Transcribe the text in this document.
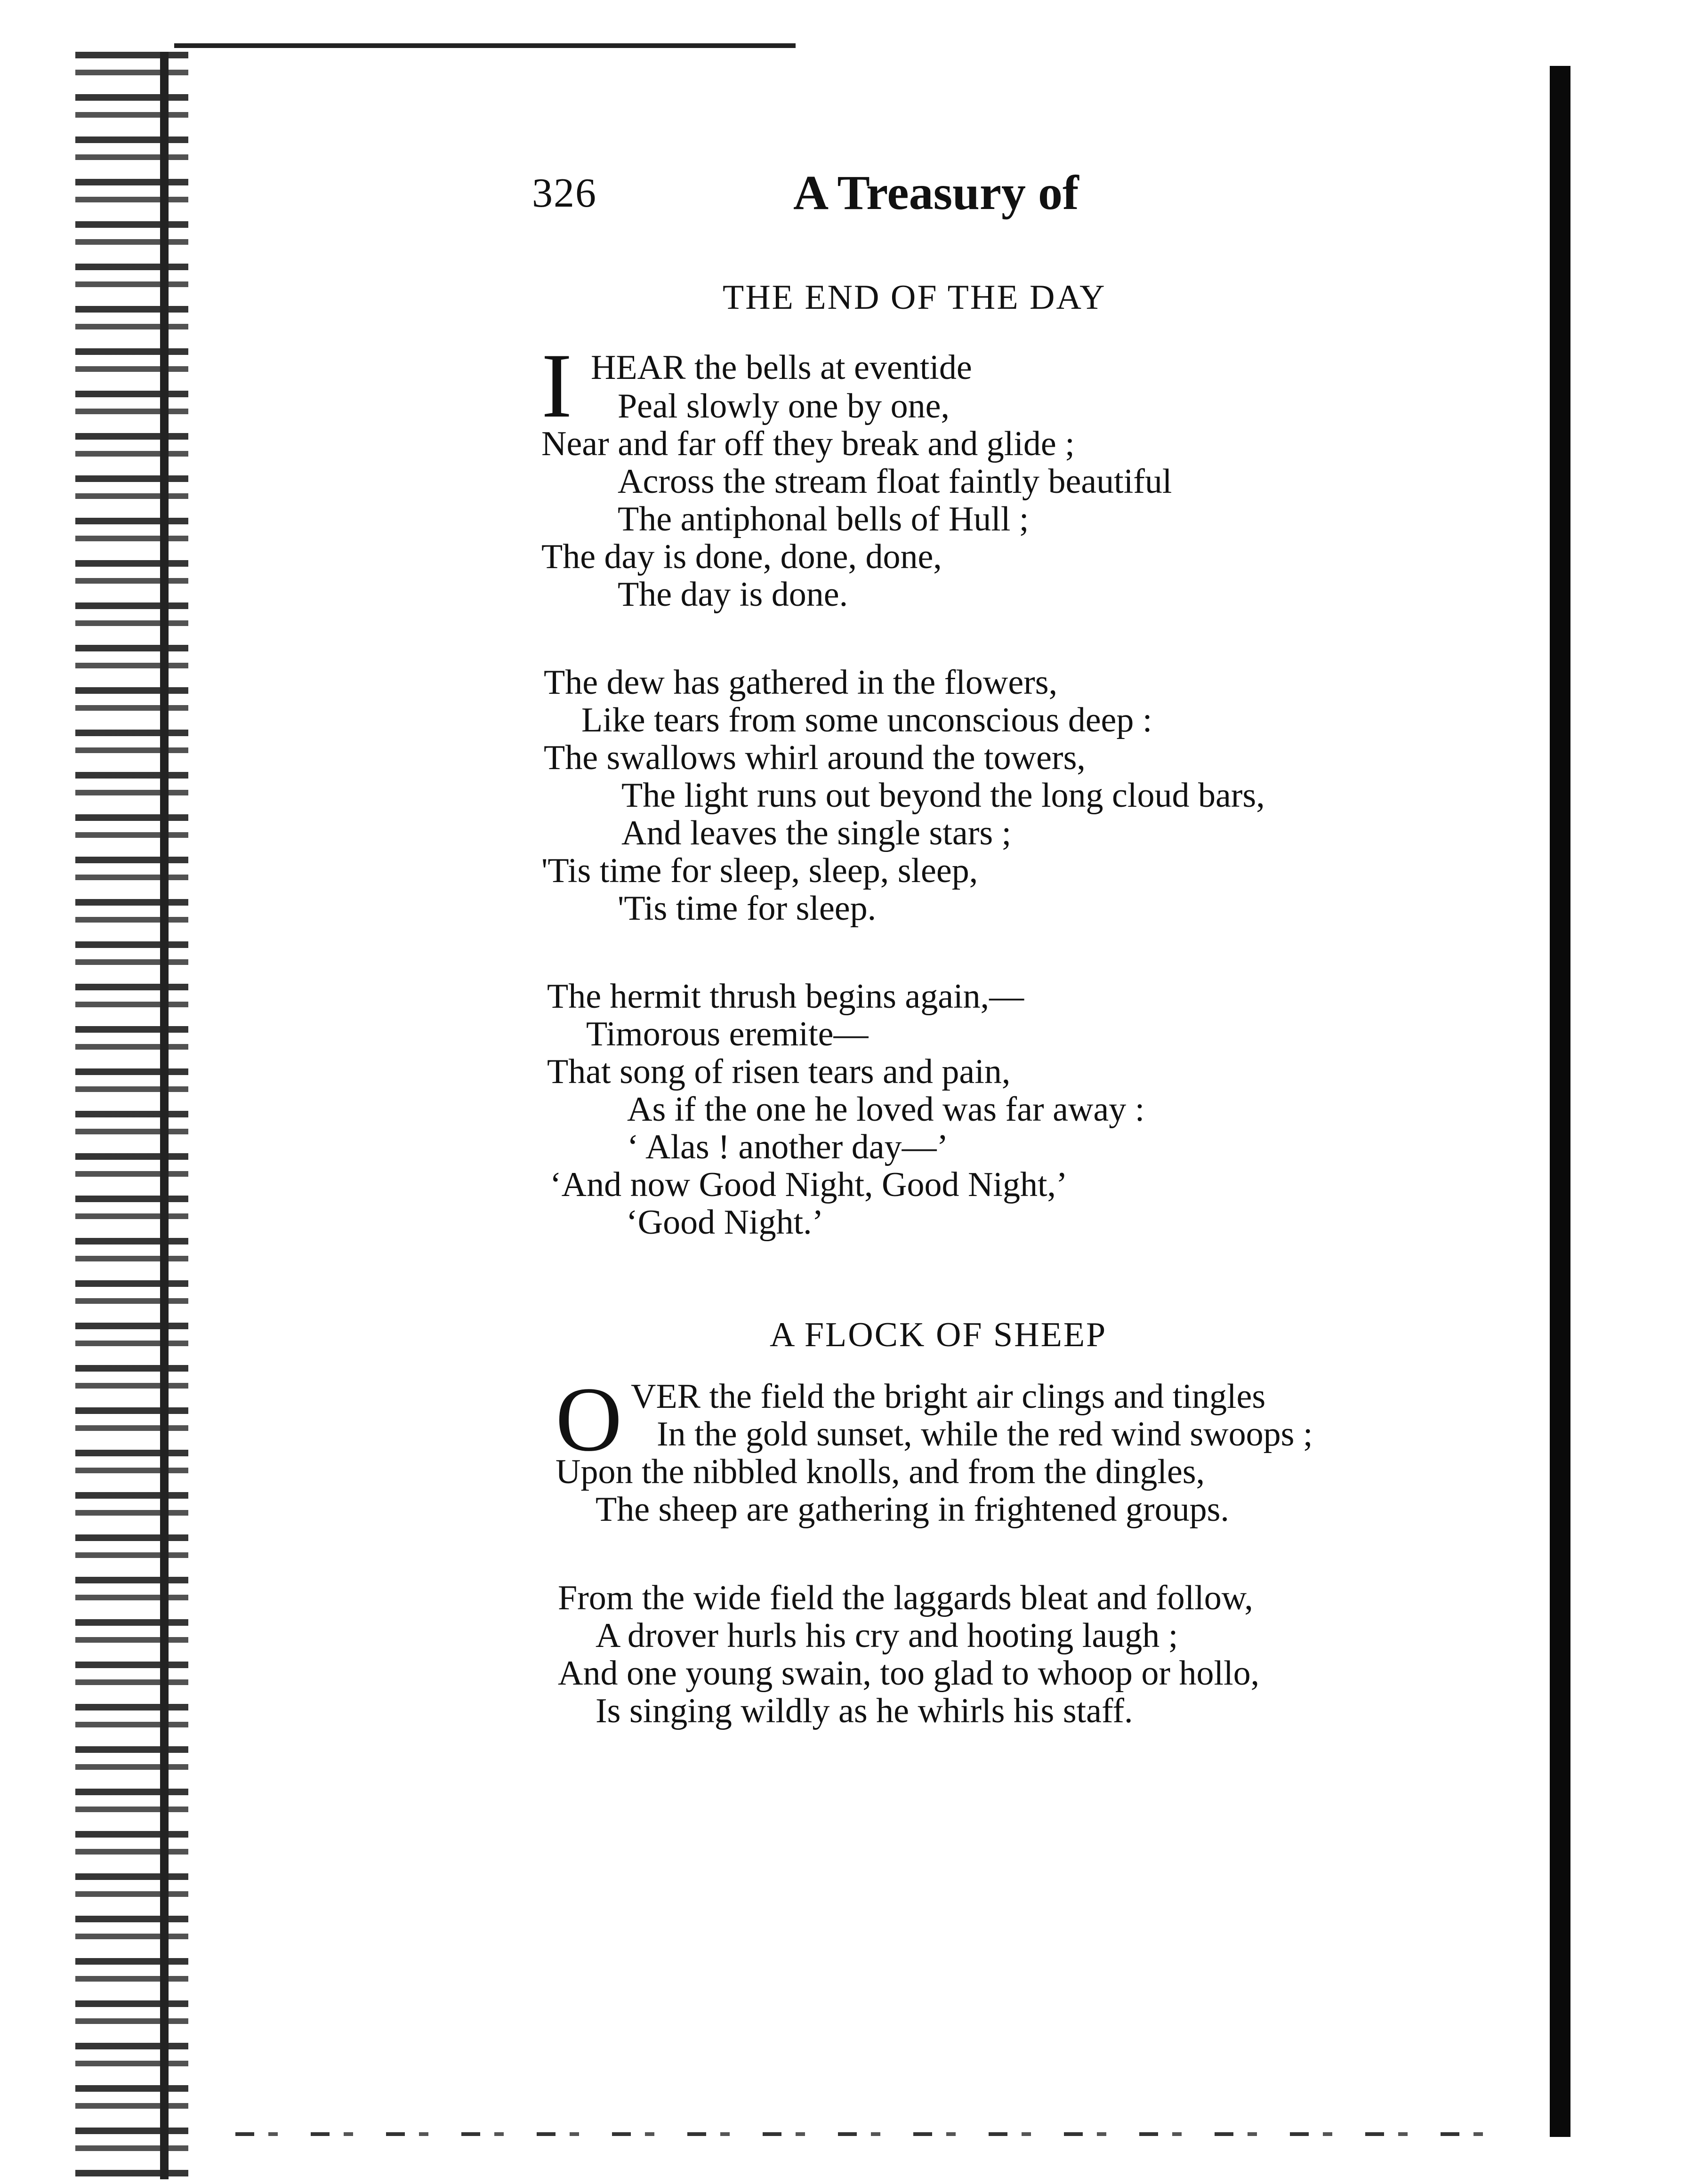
326	A Treasury of
THE END OF THE DAY
I HEAR the bells at eventide
Peal slowly one by one,
Near and far off they break and glide ;
Across the stream float faintly beautiful
The antiphonal bells of Hull ;
The day is done, done, done,
The day is done.
The dew has gathered in the flowers,
Like tears from some unconscious deep :
The swallows whirl around the towers,
The light runs out beyond the long cloud bars,
And leaves the single stars ;
'Tis time for sleep, sleep, sleep,
'Tis time for sleep.
The hermit thrush begins again,—
Timorous eremite—
That song of risen tears and pain,
As if the one he loved was far away :
‘ Alas ! another day—’
‘And now Good Night, Good Night,’
‘Good Night.’
A FLOCK OF SHEEP
O VER the field the bright air clings and tingles
In the gold sunset, while the red wind swoops ;
Upon the nibbled knolls, and from the dingles,
The sheep are gathering in frightened groups.
From the wide field the laggards bleat and follow,
A drover hurls his cry and hooting laugh ;
And one young swain, too glad to whoop or hollo,
Is singing wildly as he whirls his staff.
